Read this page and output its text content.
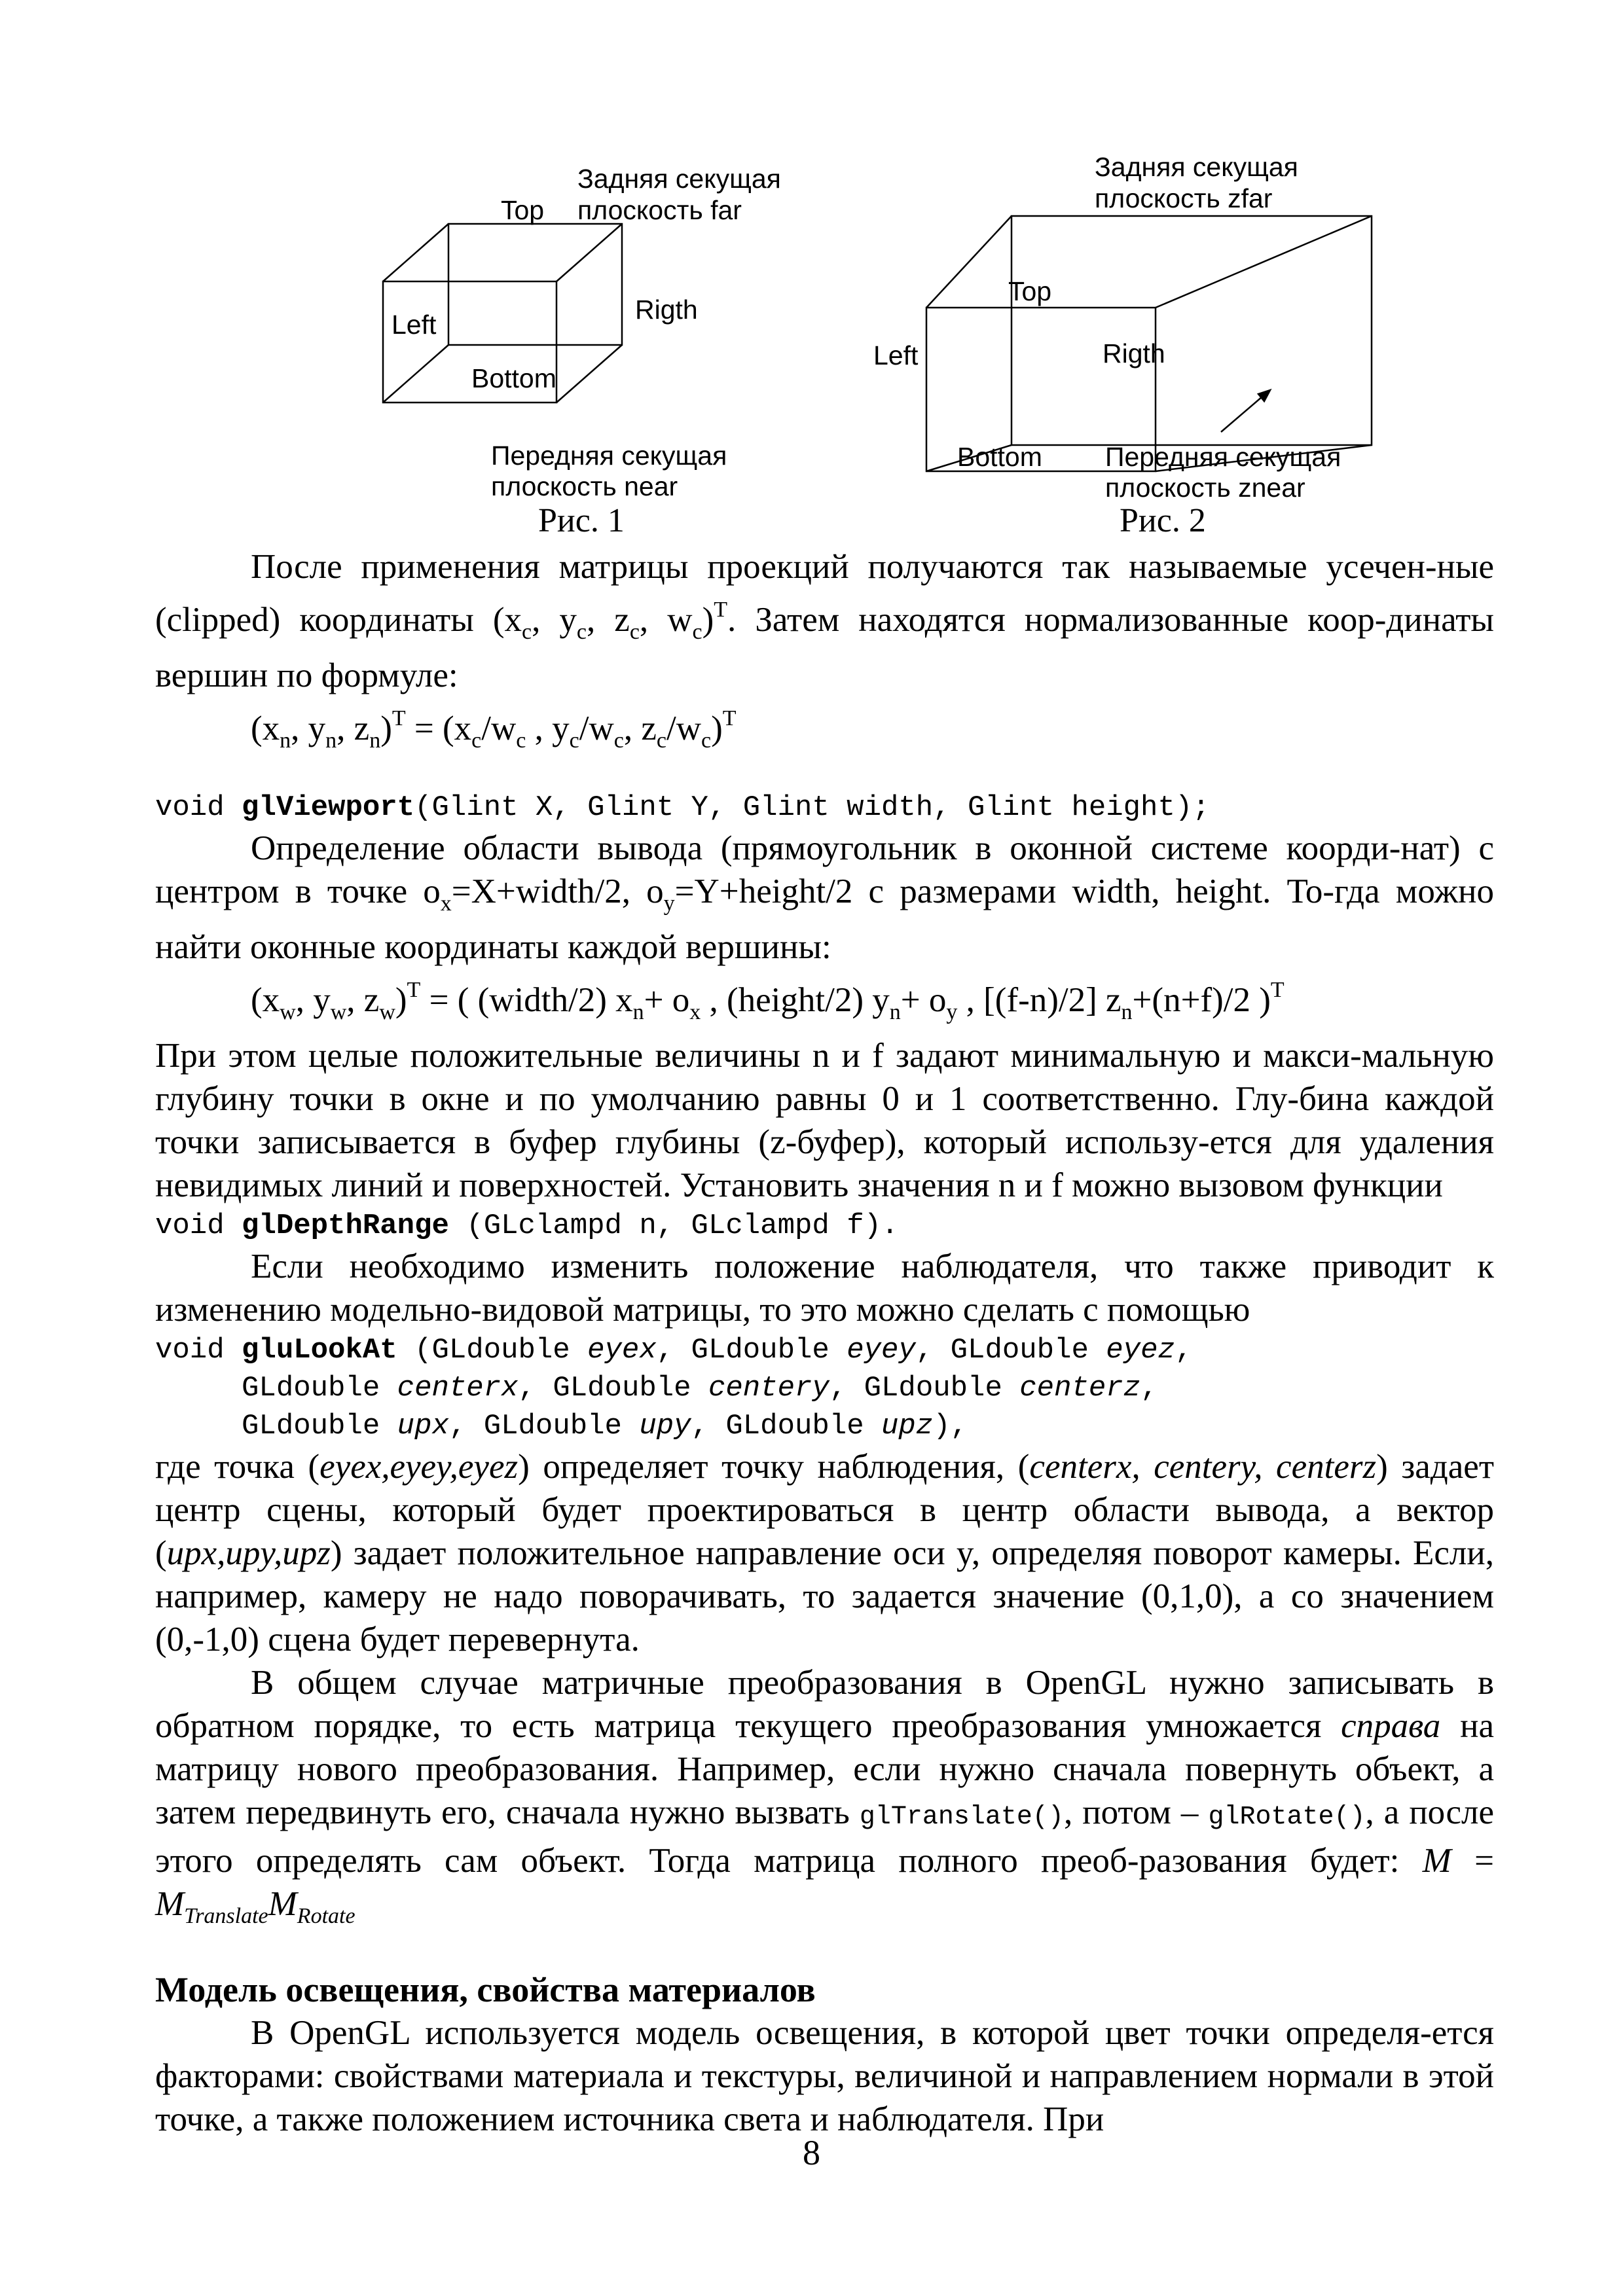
Задняя секущая
Top плоскость far
Left	Rigth
Bottom
Передняя секущая
плоскость near
Рис. 1
Задняя секущая
плоскость zfar
Top
Left	Rigth
Bottom Передняя секущая
плоскость znear
Рис. 2

После применения матрицы проекций получаются так называемые усечен-ные (clipped) координаты ($x_c$, $y_c$, $z_c$, $w_c)^T$. Затем находятся нормализованные коор-динаты вершин по формуле:

($x_n$, $y_n$, $z_n)^T = (x_c/w_c$ , $y_c/w_c$, $z_c/w_c)^T$
void glViewport(Glint X, Glint Y, Glint width, Glint height);

Определение области вывода (прямоугольник в оконной системе коорди-нат) с центром в точке $o_x=X+width/2$, $o_y=Y+height/2$ с размерами width, height. То-гда можно найти оконные координаты каждой вершины:

($x_w$, $y_w$, $z_w)^T$ = ( (width/2) $x_n+ o_x$ , (height/2) $y_n+ o_y$ , [(f-n)/2] $z_n+(n+f)/2$ )$^T$

При этом целые положительные величины n и f задают минимальную и макси-мальную глубину точки в окне и по умолчанию равны 0 и 1 соответственно. Глу-бина каждой точки записывается в буфер глубины (z-буфер), который использу-ется для удаления невидимых линий и поверхностей. Установить значения n и f можно вызовом функции

void glDepthRange (GLclampd n, GLclampd f).

Если необходимо изменить положение наблюдателя, что также приводит к изменению модельно-видовой матрицы, то это можно сделать с помощью

void gluLookAt (GLdouble eyex, GLdouble eyey, GLdouble eyez,
GLdouble centerx, GLdouble centery, GLdouble centerz,
GLdouble upx, GLdouble upy, GLdouble upz),

где точка (eyex,eyey,eyez) определяет точку наблюдения, (centerx, centery, centerz) задает центр сцены, который будет проектироваться в центр области вывода, а вектор (upx,upy,upz) задает положительное направление оси y, определяя поворот камеры. Если, например, камеру не надо поворачивать, то задается значение (0,1,0), а со значением (0,-1,0) сцена будет перевернута.

В общем случае матричные преобразования в OpenGL нужно записывать в обратном порядке, то есть матрица текущего преобразования умножается справа на матрицу нового преобразования. Например, если нужно сначала повернуть объект, а затем передвинуть его, сначала нужно вызвать glTranslate(), потом – glRotate(), а после этого определять сам объект. Тогда матрица полного преоб-разования будет: $M = M_{Translate}M_{Rotate}$

Модель освещения, свойства материалов

В OpenGL используется модель освещения, в которой цвет точки определя-ется факторами: свойствами материала и текстуры, величиной и направлением нормали в этой точке, а также положением источника света и наблюдателя. При

8
